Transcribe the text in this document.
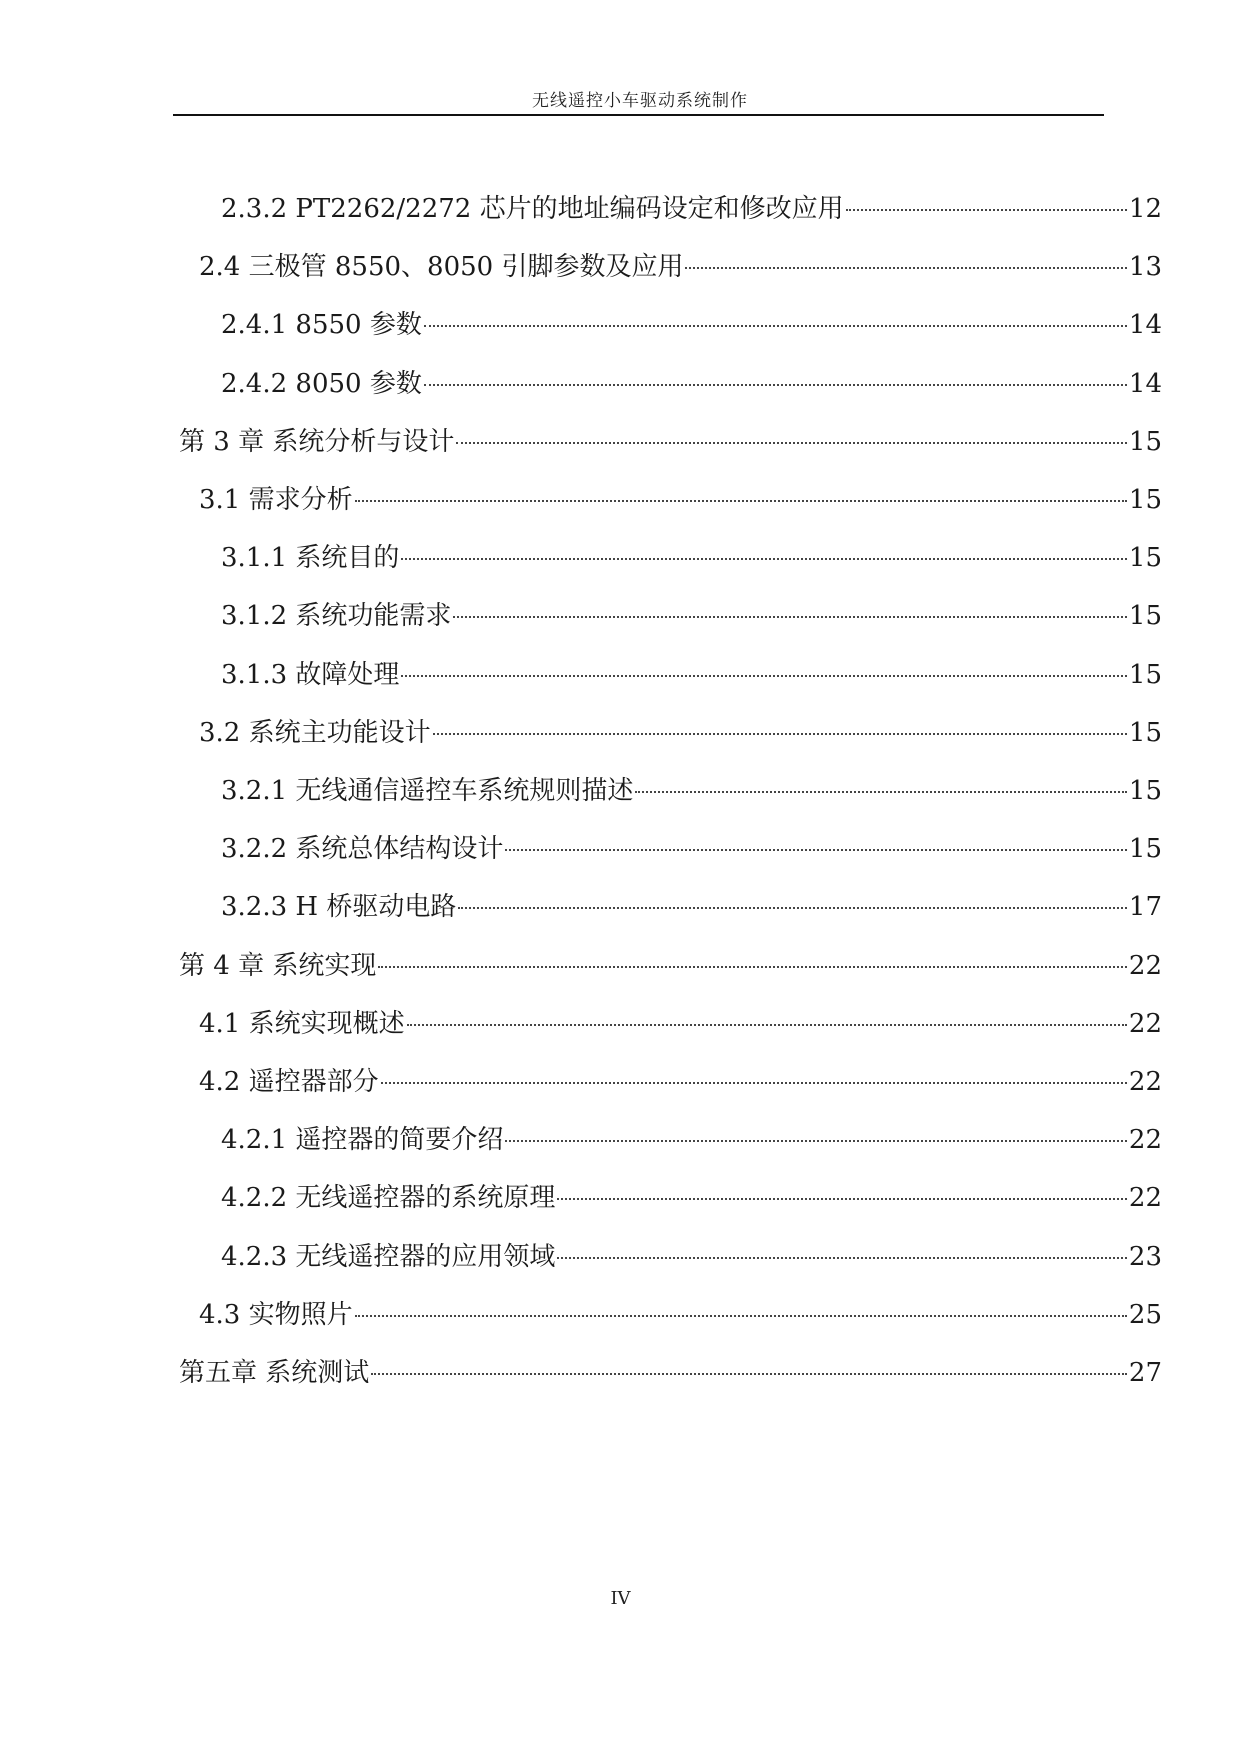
无线遥控小车驱动系统制作
2.3.2 PT2262/2272 芯片的地址编码设定和修改应用	12
2.4 三极管 8550、8050 引脚参数及应用	13
2.4.1 8550 参数	14
2.4.2 8050 参数	14
第 3 章 系统分析与设计	15
3.1 需求分析	15
3.1.1 系统目的	15
3.1.2 系统功能需求	15
3.1.3 故障处理	15
3.2 系统主功能设计	15
3.2.1 无线通信遥控车系统规则描述	15
3.2.2 系统总体结构设计	15
3.2.3 H 桥驱动电路	17
第 4 章 系统实现	22
4.1 系统实现概述	22
4.2 遥控器部分	22
4.2.1 遥控器的简要介绍	22
4.2.2 无线遥控器的系统原理	22
4.2.3 无线遥控器的应用领域	23
4.3 实物照片	25
第五章 系统测试	27
IV
